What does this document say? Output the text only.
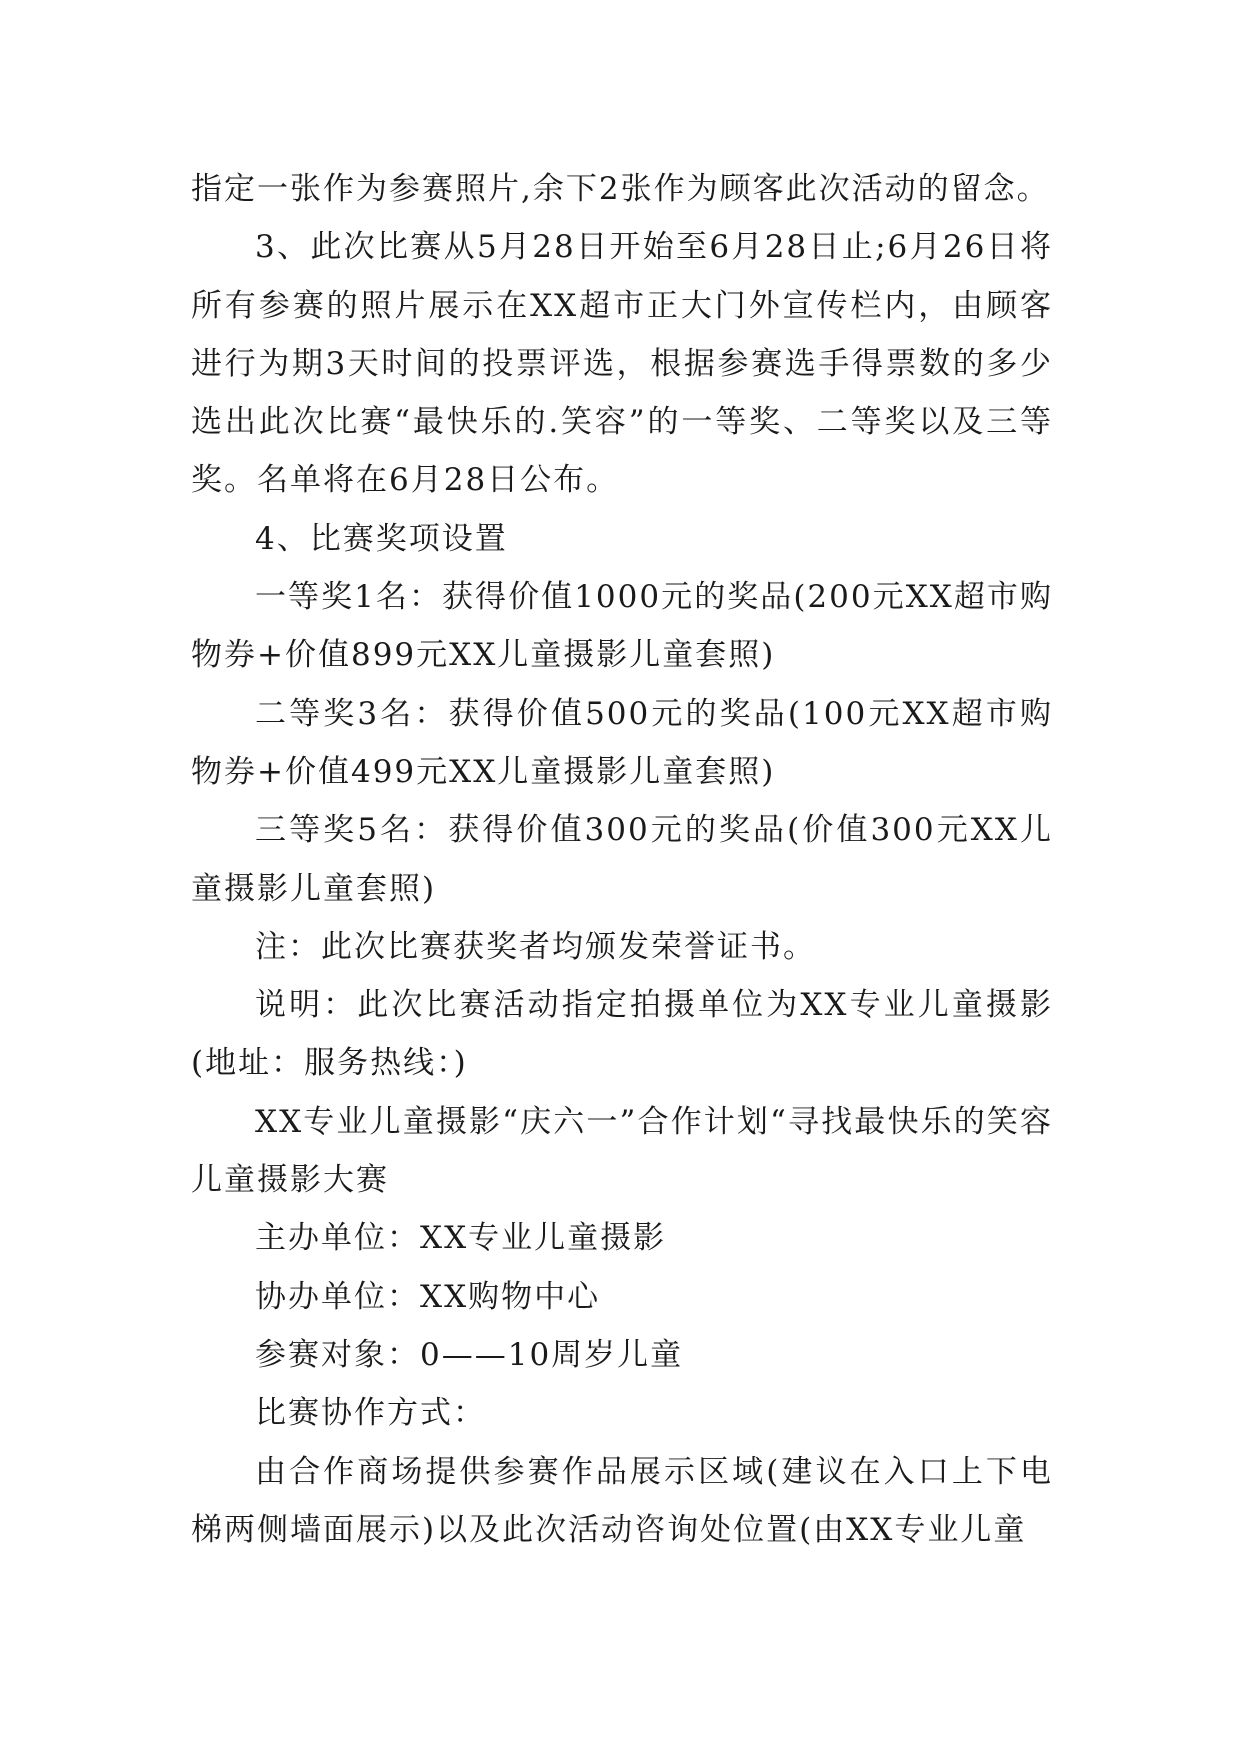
指定一张作为参赛照片,余下2张作为顾客此次活动的留念。

3、此次比赛从5月28日开始至6月28日止;6月26日将所有参赛的照片展示在XX超市正大门外宣传栏内，由顾客进行为期3天时间的投票评选，根据参赛选手得票数的多少选出此次比赛“最快乐的.笑容”的一等奖、二等奖以及三等奖。名单将在6月28日公布。

4、比赛奖项设置

一等奖1名：获得价值1000元的奖品(200元XX超市购物券+价值899元XX儿童摄影儿童套照)

二等奖3名：获得价值500元的奖品(100元XX超市购物券+价值499元XX儿童摄影儿童套照)

三等奖5名：获得价值300元的奖品(价值300元XX儿童摄影儿童套照)

注：此次比赛获奖者均颁发荣誉证书。

说明：此次比赛活动指定拍摄单位为XX专业儿童摄影(地址：服务热线：)

XX专业儿童摄影“庆六一”合作计划“寻找最快乐的笑容儿童摄影大赛

主办单位：XX专业儿童摄影

协办单位：XX购物中心

参赛对象：0——10周岁儿童

比赛协作方式：

由合作商场提供参赛作品展示区域(建议在入口上下电梯两侧墙面展示)以及此次活动咨询处位置(由XX专业儿童
